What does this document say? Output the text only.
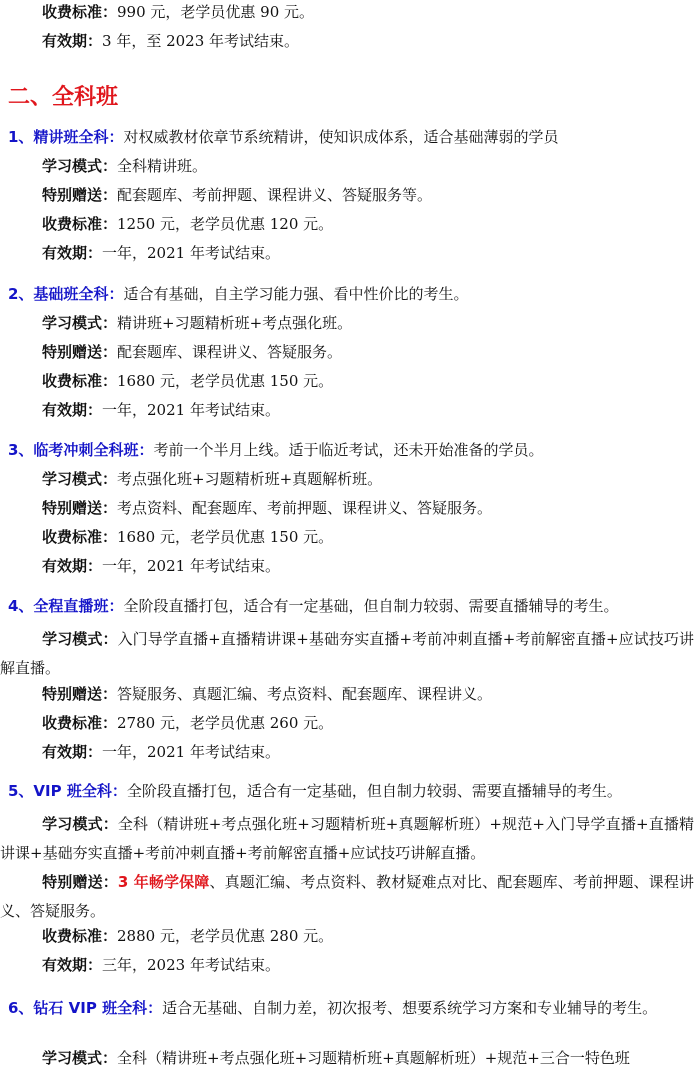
收费标准：990 元，老学员优惠 90 元。
有效期：3 年，至 2023 年考试结束。
二、全科班
1、精讲班全科：对权威教材依章节系统精讲，使知识成体系，适合基础薄弱的学员
学习模式：全科精讲班。
特别赠送：配套题库、考前押题、课程讲义、答疑服务等。
收费标准：1250 元，老学员优惠 120 元。
有效期：一年，2021 年考试结束。
2、基础班全科：适合有基础，自主学习能力强、看中性价比的考生。
学习模式：精讲班+习题精析班+考点强化班。
特别赠送：配套题库、课程讲义、答疑服务。
收费标准：1680 元，老学员优惠 150 元。
有效期：一年，2021 年考试结束。
3、临考冲刺全科班：考前一个半月上线。适于临近考试，还未开始准备的学员。
学习模式：考点强化班+习题精析班+真题解析班。
特别赠送：考点资料、配套题库、考前押题、课程讲义、答疑服务。
收费标准：1680 元，老学员优惠 150 元。
有效期：一年，2021 年考试结束。
4、全程直播班：全阶段直播打包，适合有一定基础，但自制力较弱、需要直播辅导的考生。
学习模式：入门导学直播+直播精讲课+基础夯实直播+考前冲刺直播+考前解密直播+应试技巧讲解直播。
特别赠送：答疑服务、真题汇编、考点资料、配套题库、课程讲义。
收费标准：2780 元，老学员优惠 260 元。
有效期：一年，2021 年考试结束。
5、VIP 班全科：全阶段直播打包，适合有一定基础，但自制力较弱、需要直播辅导的考生。
学习模式：全科（精讲班+考点强化班+习题精析班+真题解析班）+规范+入门导学直播+直播精讲课+基础夯实直播+考前冲刺直播+考前解密直播+应试技巧讲解直播。
特别赠送：3 年畅学保障、真题汇编、考点资料、教材疑难点对比、配套题库、考前押题、课程讲义、答疑服务。
收费标准：2880 元，老学员优惠 280 元。
有效期：三年，2023 年考试结束。
6、钻石 VIP 班全科：适合无基础、自制力差，初次报考、想要系统学习方案和专业辅导的考生。
学习模式：全科（精讲班+考点强化班+习题精析班+真题解析班）+规范+三合一特色班
